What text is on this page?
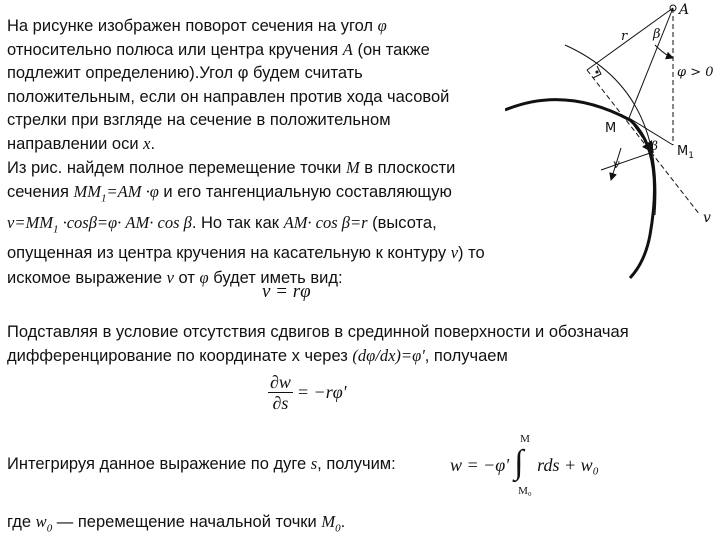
На рисунке изображен поворот сечения на угол φ
относительно полюса или центра кручения A (он также
подлежит определению).Угол φ будем считать
положительным, если он направлен против хода часовой
стрелки при взгляде на сечение в положительном
направлении оси x.
Из рис. найдем полное перемещение точки M в плоскости
сечения $MM_1=AM \cdot\varphi$ и его тангенциальную составляющую
$v=MM_1 \cdot\cos\beta=\varphi\cdot AM\cdot \cos \beta$. Но так как AM· cos β=r (высота,
опущенная из центра кручения на касательную к контуру v) то
искомое выражение v от φ будет иметь вид:
v = rφ
Подставляя в условие отсутствия сдвигов в срединной поверхности и обозначая
дифференцирование по координате x через (dφ/dx)=φ', получаем
$\frac{\partial w}{\partial s} = -r\varphi'$
Интегрируя данное выражение по дуге s, получим:	w = −φ'
M
∫
M₀
rds + w₀
где $w_0$ — перемещение начальной точки $M_0$.
A
r β
φ > 0
M
$M_1$
β
v
v
